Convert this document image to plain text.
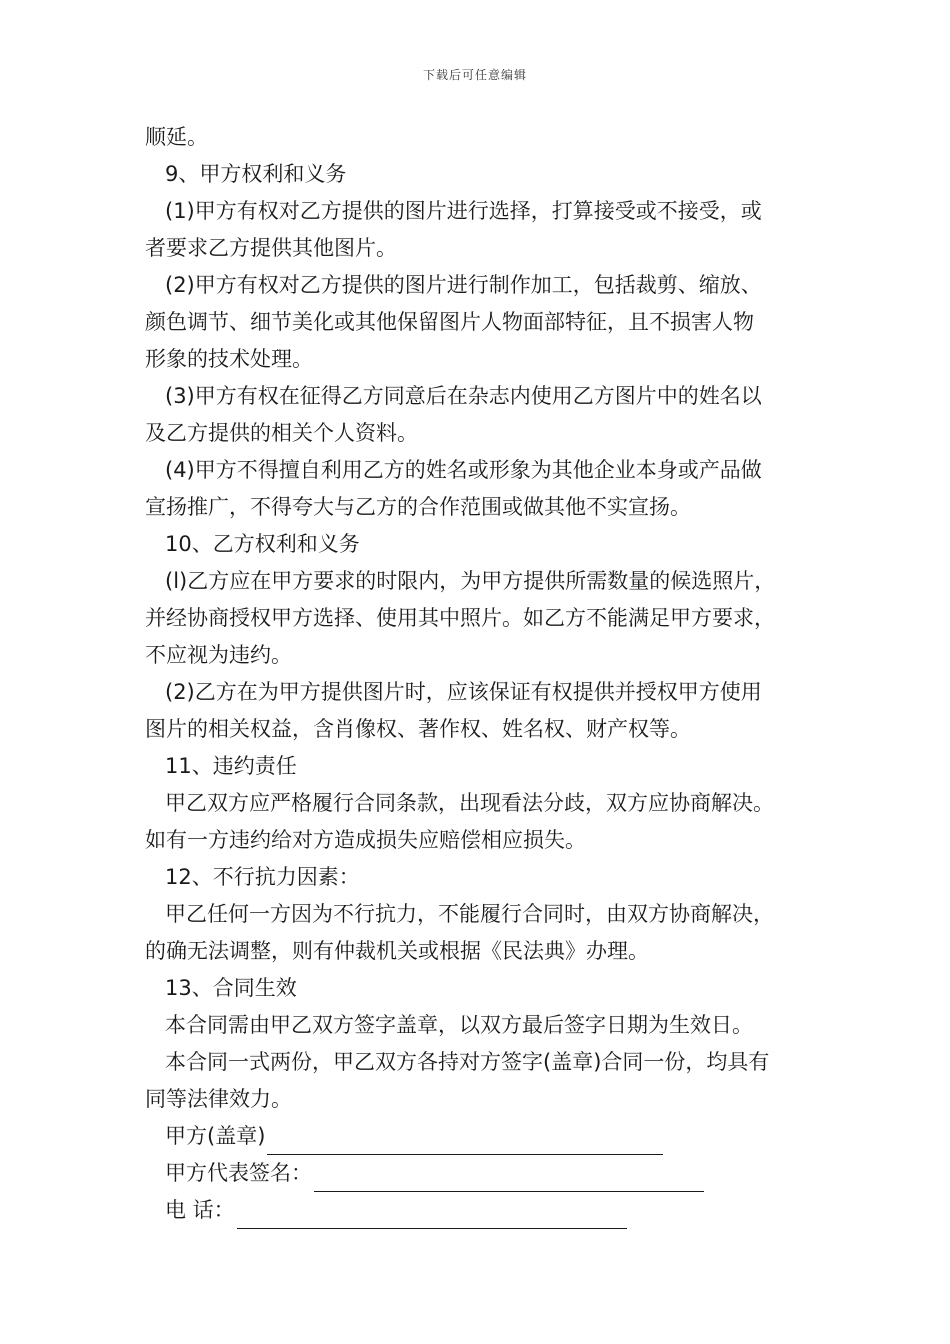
下载后可任意编辑
顺延。
9、甲方权利和义务
(1)甲方有权对乙方提供的图片进行选择，打算接受或不接受，或
者要求乙方提供其他图片。
(2)甲方有权对乙方提供的图片进行制作加工，包括裁剪、缩放、
颜色调节、细节美化或其他保留图片人物面部特征，且不损害人物
形象的技术处理。
(3)甲方有权在征得乙方同意后在杂志内使用乙方图片中的姓名以
及乙方提供的相关个人资料。
(4)甲方不得擅自利用乙方的姓名或形象为其他企业本身或产品做
宣扬推广，不得夸大与乙方的合作范围或做其他不实宣扬。
10、乙方权利和义务
(l)乙方应在甲方要求的时限内，为甲方提供所需数量的候选照片，
并经协商授权甲方选择、使用其中照片。如乙方不能满足甲方要求，
不应视为违约。
(2)乙方在为甲方提供图片时，应该保证有权提供并授权甲方使用
图片的相关权益，含肖像权、著作权、姓名权、财产权等。
11、违约责任
甲乙双方应严格履行合同条款，出现看法分歧，双方应协商解决。
如有一方违约给对方造成损失应赔偿相应损失。
12、不行抗力因素：
甲乙任何一方因为不行抗力，不能履行合同时，由双方协商解决，
的确无法调整，则有仲裁机关或根据《民法典》办理。
13、合同生效
本合同需由甲乙双方签字盖章，以双方最后签字日期为生效日。
本合同一式两份，甲乙双方各持对方签字(盖章)合同一份，均具有
同等法律效力。
甲方(盖章)
甲方代表签名：
电 话：
